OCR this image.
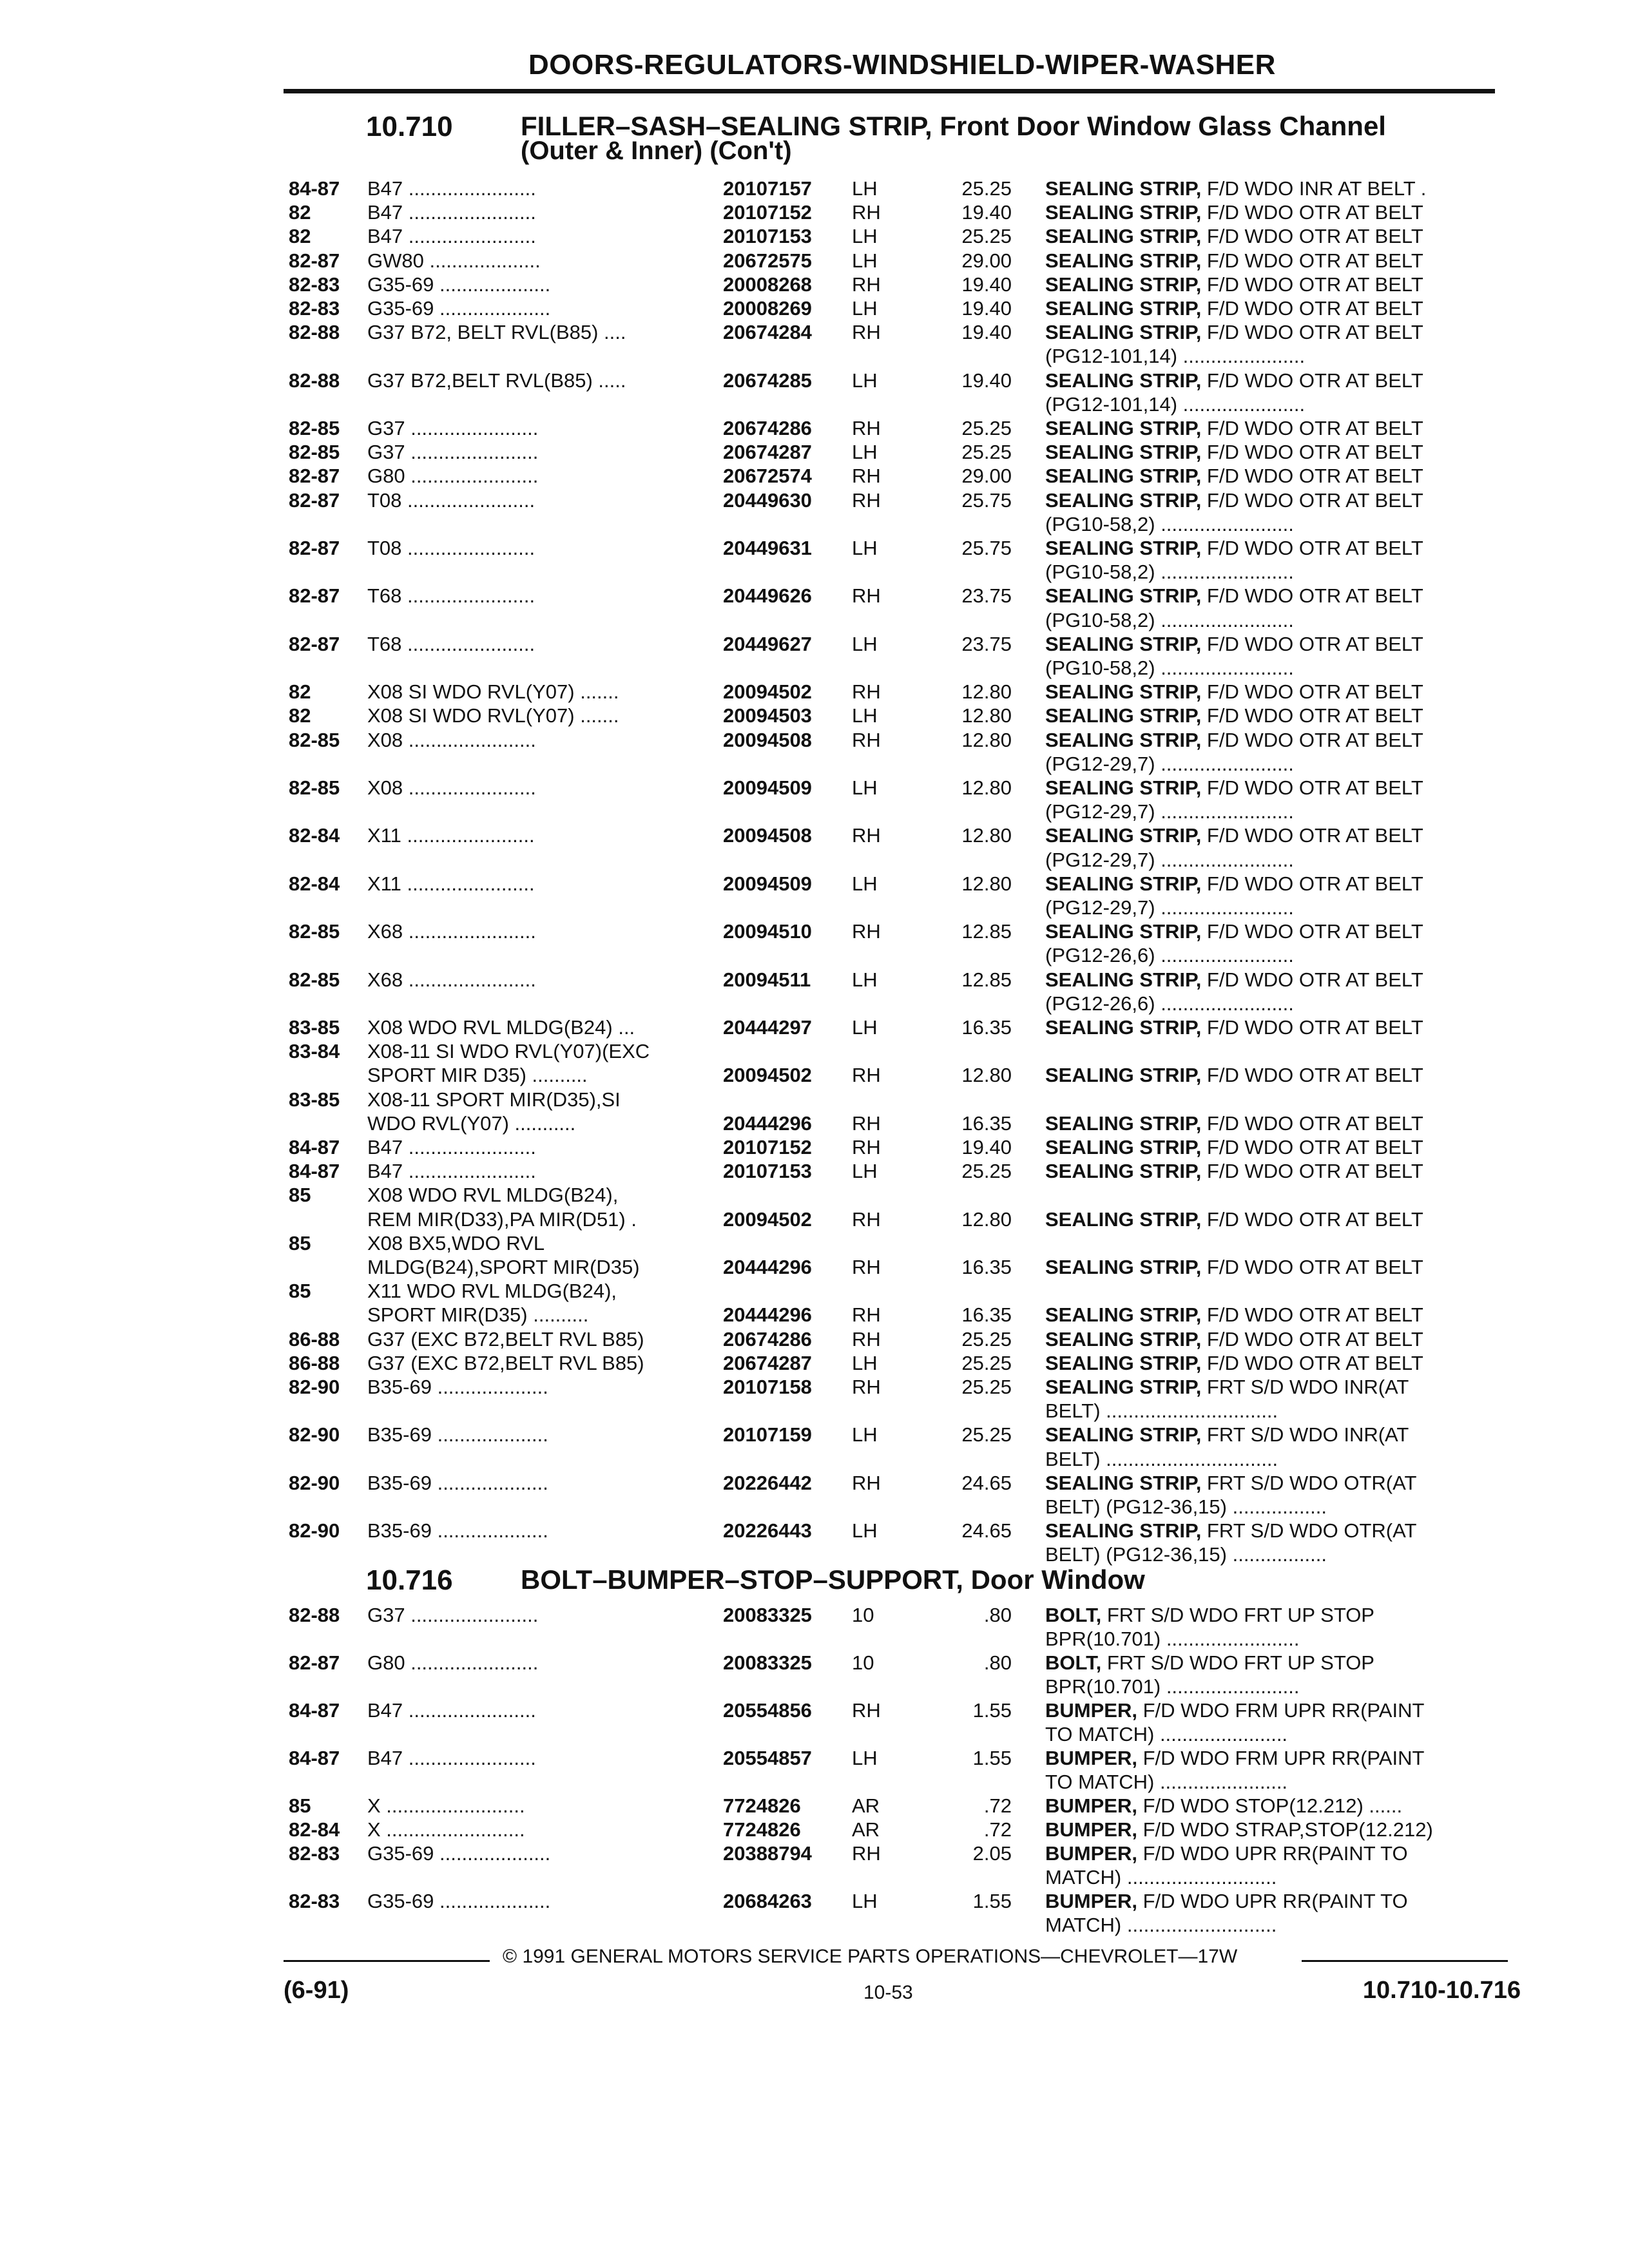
DOORS-REGULATORS-WINDSHIELD-WIPER-WASHER
10.710	FILLER–SASH–SEALING STRIP, Front Door Window Glass Channel
(Outer & Inner) (Con't)
84-87 B47 .......................	20107157 LH	25.25 SEALING STRIP, F/D WDO INR AT BELT .
82	B47 .......................	20107152 RH	19.40 SEALING STRIP, F/D WDO OTR AT BELT
82	B47 .......................	20107153 LH	25.25 SEALING STRIP, F/D WDO OTR AT BELT
82-87 GW80 ....................	20672575 LH	29.00 SEALING STRIP, F/D WDO OTR AT BELT
82-83 G35-69 ....................	20008268 RH	19.40 SEALING STRIP, F/D WDO OTR AT BELT
82-83 G35-69 ....................	20008269 LH	19.40 SEALING STRIP, F/D WDO OTR AT BELT
82-88 G37 B72, BELT RVL(B85) ....	20674284 RH	19.40 SEALING STRIP, F/D WDO OTR AT BELT
(PG12-101,14) ......................
82-88 G37 B72,BELT RVL(B85) .....	20674285 LH	19.40 SEALING STRIP, F/D WDO OTR AT BELT
(PG12-101,14) ......................
82-85 G37 .......................	20674286 RH	25.25 SEALING STRIP, F/D WDO OTR AT BELT
82-85 G37 .......................	20674287 LH	25.25 SEALING STRIP, F/D WDO OTR AT BELT
82-87 G80 .......................	20672574 RH	29.00 SEALING STRIP, F/D WDO OTR AT BELT
82-87 T08 .......................	20449630 RH	25.75 SEALING STRIP, F/D WDO OTR AT BELT
(PG10-58,2) ........................
82-87 T08 .......................	20449631 LH	25.75 SEALING STRIP, F/D WDO OTR AT BELT
(PG10-58,2) ........................
82-87 T68 .......................	20449626 RH	23.75 SEALING STRIP, F/D WDO OTR AT BELT
(PG10-58,2) ........................
82-87 T68 .......................	20449627 LH	23.75 SEALING STRIP, F/D WDO OTR AT BELT
(PG10-58,2) ........................
82	X08 SI WDO RVL(Y07) .......	20094502 RH	12.80 SEALING STRIP, F/D WDO OTR AT BELT
82	X08 SI WDO RVL(Y07) .......	20094503 LH	12.80 SEALING STRIP, F/D WDO OTR AT BELT
82-85 X08 .......................	20094508 RH	12.80 SEALING STRIP, F/D WDO OTR AT BELT
(PG12-29,7) ........................
82-85 X08 .......................	20094509 LH	12.80 SEALING STRIP, F/D WDO OTR AT BELT
(PG12-29,7) ........................
82-84 X11 .......................	20094508 RH	12.80 SEALING STRIP, F/D WDO OTR AT BELT
(PG12-29,7) ........................
82-84 X11 .......................	20094509 LH	12.80 SEALING STRIP, F/D WDO OTR AT BELT
(PG12-29,7) ........................
82-85 X68 .......................	20094510 RH	12.85 SEALING STRIP, F/D WDO OTR AT BELT
(PG12-26,6) ........................
82-85 X68 .......................	20094511 LH	12.85 SEALING STRIP, F/D WDO OTR AT BELT
(PG12-26,6) ........................
83-85 X08 WDO RVL MLDG(B24) ...	20444297 LH	16.35 SEALING STRIP, F/D WDO OTR AT BELT
83-84 X08-11 SI WDO RVL(Y07)(EXC
SPORT MIR D35) ..........	20094502 RH	12.80 SEALING STRIP, F/D WDO OTR AT BELT
83-85 X08-11 SPORT MIR(D35),SI
WDO RVL(Y07) ...........	20444296 RH	16.35 SEALING STRIP, F/D WDO OTR AT BELT
84-87 B47 .......................	20107152 RH	19.40 SEALING STRIP, F/D WDO OTR AT BELT
84-87 B47 .......................	20107153 LH	25.25 SEALING STRIP, F/D WDO OTR AT BELT
85	X08 WDO RVL MLDG(B24),
REM MIR(D33),PA MIR(D51) .	20094502 RH	12.80 SEALING STRIP, F/D WDO OTR AT BELT
85	X08 BX5,WDO RVL
MLDG(B24),SPORT MIR(D35)	20444296 RH	16.35 SEALING STRIP, F/D WDO OTR AT BELT
85	X11 WDO RVL MLDG(B24),
SPORT MIR(D35) ..........	20444296 RH	16.35 SEALING STRIP, F/D WDO OTR AT BELT
86-88 G37 (EXC B72,BELT RVL B85)	20674286 RH	25.25 SEALING STRIP, F/D WDO OTR AT BELT
86-88 G37 (EXC B72,BELT RVL B85)	20674287 LH	25.25 SEALING STRIP, F/D WDO OTR AT BELT
82-90 B35-69 ....................	20107158 RH	25.25 SEALING STRIP, FRT S/D WDO INR(AT
BELT) ...............................
82-90 B35-69 ....................	20107159 LH	25.25 SEALING STRIP, FRT S/D WDO INR(AT
BELT) ...............................
82-90 B35-69 ....................	20226442 RH	24.65 SEALING STRIP, FRT S/D WDO OTR(AT
BELT) (PG12-36,15) .................
82-90 B35-69 ....................	20226443 LH	24.65 SEALING STRIP, FRT S/D WDO OTR(AT
BELT) (PG12-36,15) .................
10.716	BOLT–BUMPER–STOP–SUPPORT, Door Window
82-88 G37 .......................	20083325 10	.80 BOLT, FRT S/D WDO FRT UP STOP
BPR(10.701) ........................
82-87 G80 .......................	20083325 10	.80 BOLT, FRT S/D WDO FRT UP STOP
BPR(10.701) ........................
84-87 B47 .......................	20554856 RH	1.55 BUMPER, F/D WDO FRM UPR RR(PAINT
TO MATCH) .......................
84-87 B47 .......................	20554857 LH	1.55 BUMPER, F/D WDO FRM UPR RR(PAINT
TO MATCH) .......................
85	X .........................	7724826	AR	.72 BUMPER, F/D WDO STOP(12.212) ......
82-84 X .........................	7724826	AR	.72 BUMPER, F/D WDO STRAP,STOP(12.212)
82-83 G35-69 ....................	20388794 RH	2.05 BUMPER, F/D WDO UPR RR(PAINT TO
MATCH) ...........................
82-83 G35-69 ....................	20684263 LH	1.55 BUMPER, F/D WDO UPR RR(PAINT TO
MATCH) ...........................
© 1991 GENERAL MOTORS SERVICE PARTS OPERATIONS—CHEVROLET—17W
(6-91)	10-53	10.710-10.716
